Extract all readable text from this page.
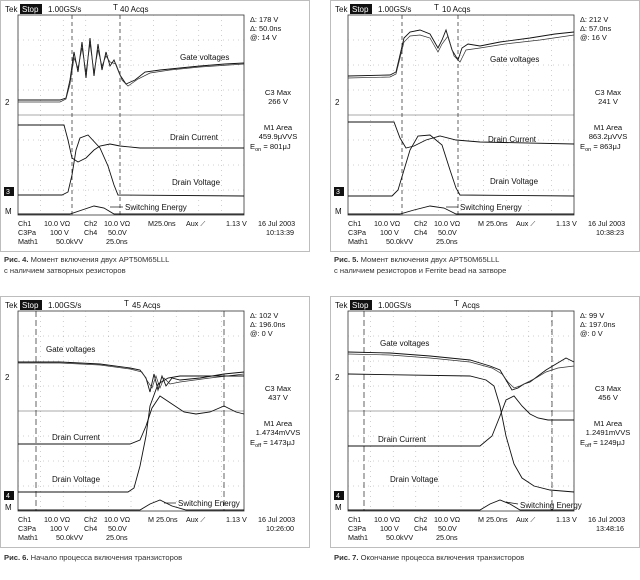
Tek Stop 1.00GS/s	40 Acqs
T
Δ: 178 V
Δ: 50.0ns
@: 14 V
2
3
M
Gate voltages
Drain Current
Drain Voltage
Switching Energy
C3 Max
266 V
M1 Area
459.9μVVS
$E_{on} = 801\mu J$
Ch1 10.0 VΩ Ch2 10.0 VΩ M25.0ns Aux ⟋	1.13 V 16 Jul 2003
C3Pa 100 V Ch4 50.0V	10:13:39
Math1	50.0kVV	25.0ns
Рис. 4. Момент включения двух APT50M65LLL
с наличием затворных резисторов
Tek Stop 1.00GS/s	10 Acqs
T
Δ: 212 V
Δ: 57.0ns
@: 16 V
2
3
M
Gate voltages
Drain Current
Drain Voltage
Switching Energy
C3 Max
241 V
M1 Area
863.2μVVS
$E_{on} = 863\mu J$
Ch1 10.0 VΩ Ch2 10.0 VΩ M 25.0ns Aux ⟋	1.13 V 16 Jul 2003
C3Pa 100 V Ch4 50.0V	10:38:23
Math1	50.0kVV	25.0ns
Рис. 5. Момент включения двух APT50M65LLL
с наличием резисторов и Ferrite bead на затворе
Tek Stop 1.00GS/s	45 Acqs
T
Δ: 102 V
Δ: 196.0ns
@: 0 V
2
4
M
Gate voltages
Drain Current
Drain Voltage
Switching Energy
C3 Max
437 V
M1 Area
1.4734mVVS
$E_{off} = 1473\mu J$
Ch1 10.0 VΩ Ch2 10.0 VΩ M 25.0ns Aux ⟋	1.13 V 16 Jul 2003
C3Pa 100 V Ch4 50.0V	10:26:00
Math1	50.0kVV	25.0ns
Рис. 6. Начало процесса включения транзисторов
Tek Stop 1.00GS/s	Acqs
T
Δ: 99 V
Δ: 197.0ns
@: 0 V
2
4
M
Gate voltages
Drain Current
Drain Voltage
Switching Energy
C3 Max
456 V
M1 Area
1.2491mVVS
$E_{off} = 1249\mu J$
Ch1 10.0 VΩ Ch2 10.0 VΩ M 25.0ns Aux ⟋	1.13 V 16 Jul 2003
C3Pa 100 V Ch4 50.0V	13:48:16
Math1	50.0kVV	25.0ns
Рис. 7. Окончание процесса включения транзисторов
